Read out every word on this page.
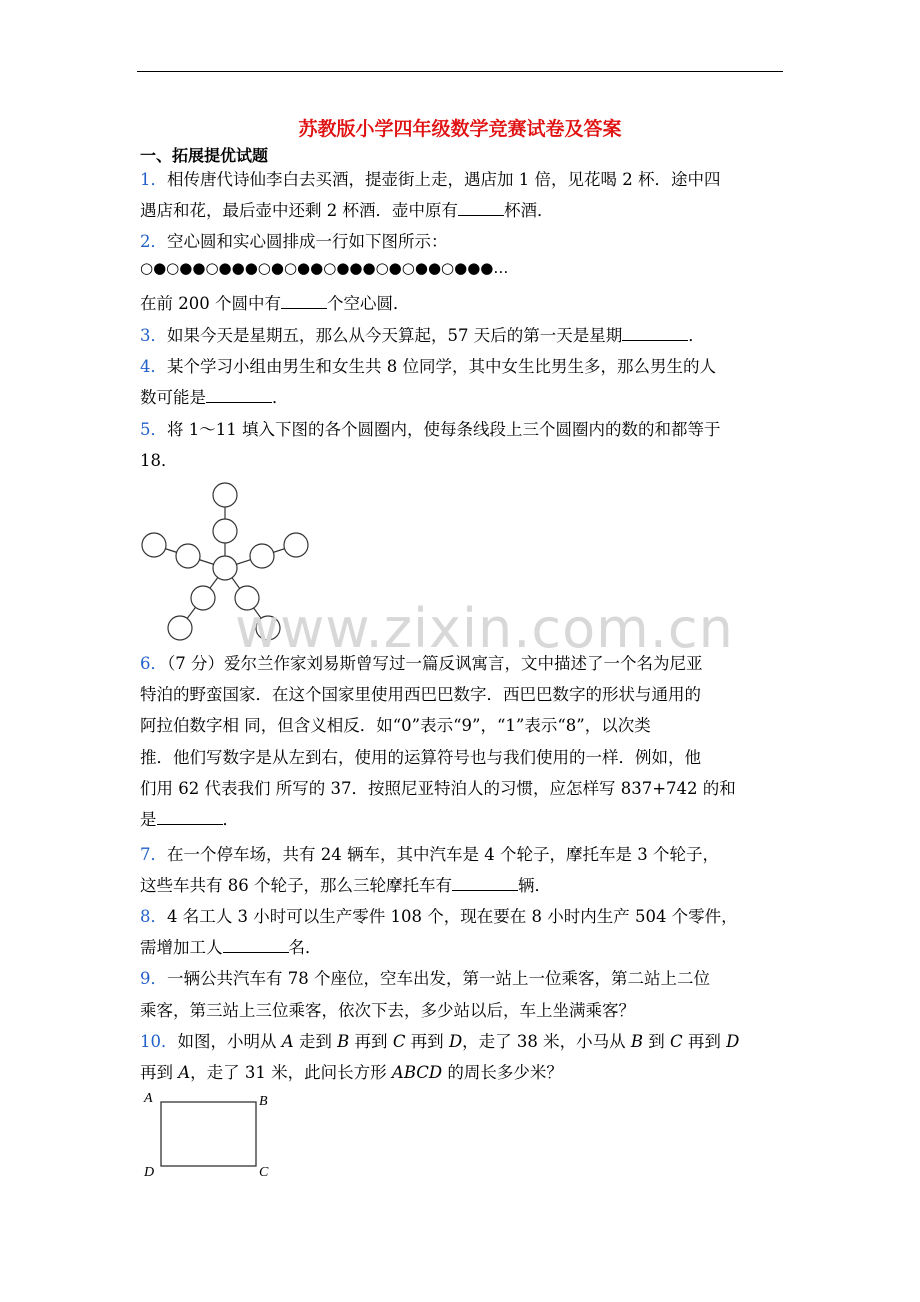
苏教版小学四年级数学竞赛试卷及答案
一、拓展提优试题
1．相传唐代诗仙李白去买酒，提壶街上走，遇店加 1 倍，见花喝 2 杯．途中四
遇店和花，最后壶中还剩 2 杯酒．壶中原有	杯酒．
2．空心圆和实心圆排成一行如下图所示：
○●○●●○●●●○●○●●○●●●○●○●●○●●●…
在前 200 个圆中有	个空心圆．
3．如果今天是星期五，那么从今天算起，57 天后的第一天是星期	．
4．某个学习小组由男生和女生共 8 位同学，其中女生比男生多，那么男生的人
数可能是	．
5．将 1～11 填入下图的各个圆圈内，使每条线段上三个圆圈内的数的和都等于
18．
www.zixin.com.cn
6．（7 分）爱尔兰作家刘易斯曾写过一篇反讽寓言，文中描述了一个名为尼亚
特泊的野蛮国家．在这个国家里使用西巴巴数字．西巴巴数字的形状与通用的
阿拉伯数字相 同，但含义相反．如“0”表示“9”，“1”表示“8”，以次类
推．他们写数字是从左到右，使用的运算符号也与我们使用的一样．例如，他
们用 62 代表我们 所写的 37．按照尼亚特泊人的习惯，应怎样写 837+742 的和
是	．
7．在一个停车场，共有 24 辆车，其中汽车是 4 个轮子，摩托车是 3 个轮子，
这些车共有 86 个轮子，那么三轮摩托车有	辆．
8．4 名工人 3 小时可以生产零件 108 个，现在要在 8 小时内生产 504 个零件，
需增加工人	名．
9．一辆公共汽车有 78 个座位，空车出发，第一站上一位乘客，第二站上二位
乘客，第三站上三位乘客，依次下去，多少站以后，车上坐满乘客？
10．如图，小明从 A 走到 B 再到 C 再到 D，走了 38 米，小马从 B 到 C 再到 D
再到 A，走了 31 米，此问长方形 ABCD 的周长多少米？
A	B
C
D
